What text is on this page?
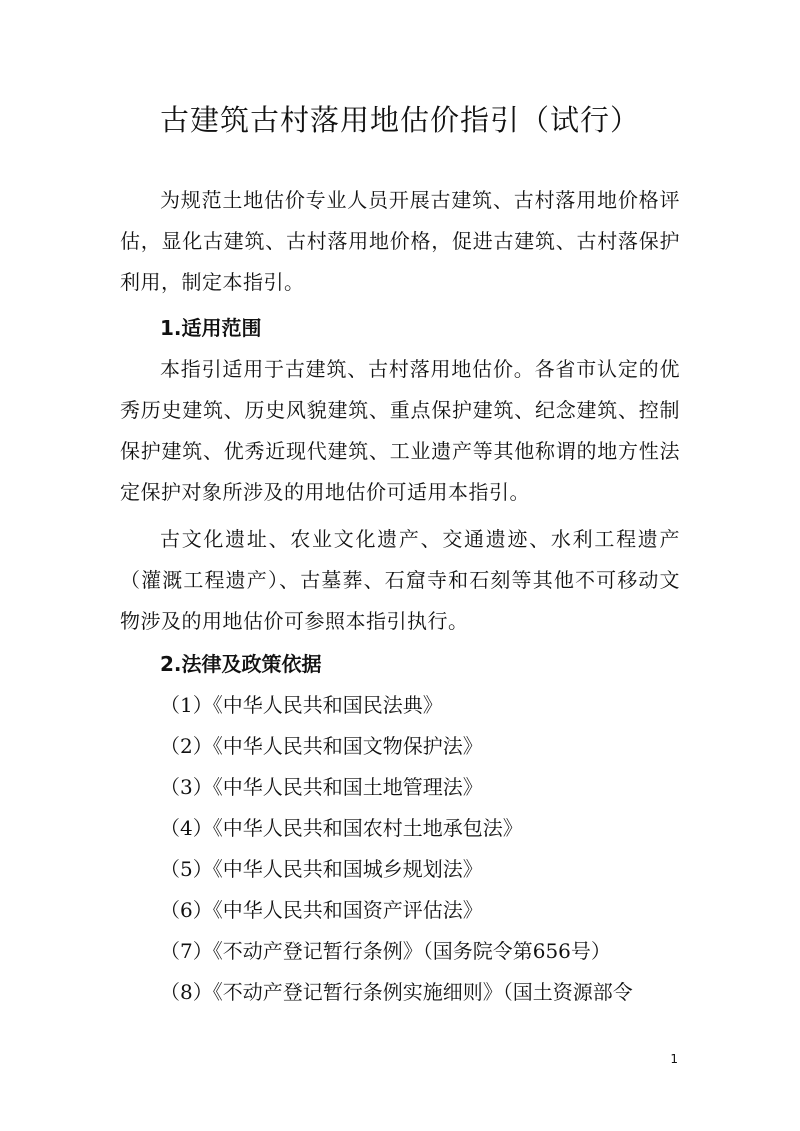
古建筑古村落用地估价指引（试行）

为规范土地估价专业人员开展古建筑、古村落用地价格评估，显化古建筑、古村落用地价格，促进古建筑、古村落保护利用，制定本指引。

1.适用范围

本指引适用于古建筑、古村落用地估价。各省市认定的优秀历史建筑、历史风貌建筑、重点保护建筑、纪念建筑、控制保护建筑、优秀近现代建筑、工业遗产等其他称谓的地方性法定保护对象所涉及的用地估价可适用本指引。

古文化遗址、农业文化遗产、交通遗迹、水利工程遗产（灌溉工程遗产）、古墓葬、石窟寺和石刻等其他不可移动文物涉及的用地估价可参照本指引执行。

2.法律及政策依据
（1）《中华人民共和国民法典》
（2）《中华人民共和国文物保护法》
（3）《中华人民共和国土地管理法》
（4）《中华人民共和国农村土地承包法》
（5）《中华人民共和国城乡规划法》
（6）《中华人民共和国资产评估法》
（7）《不动产登记暂行条例》（国务院令第656号）
（8）《不动产登记暂行条例实施细则》（国土资源部令
1
